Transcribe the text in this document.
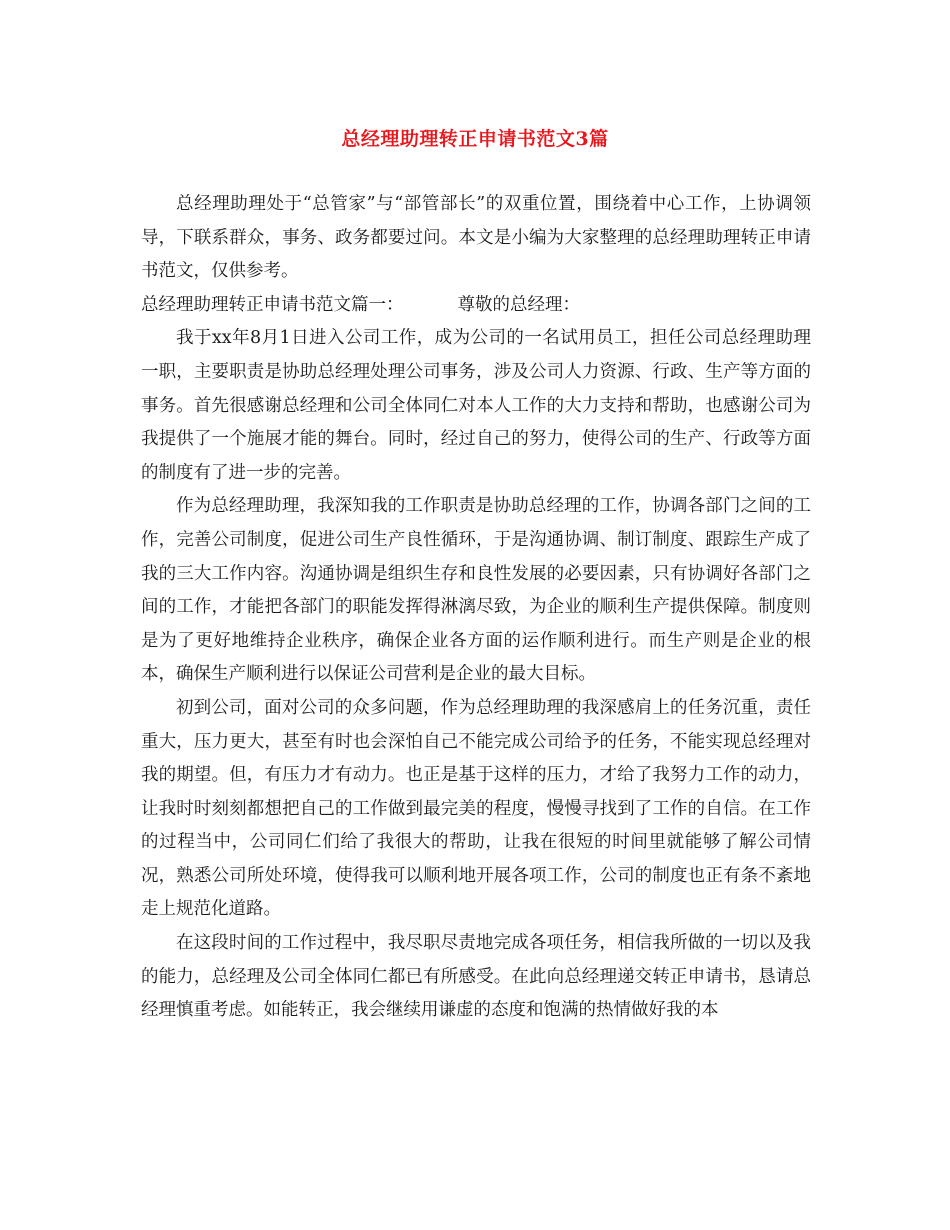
总经理助理转正申请书范文3篇

总经理助理处于“总管家”与“部管部长”的双重位置，围绕着中心工作，上协调领导，下联系群众，事务、政务都要过问。本文是小编为大家整理的总经理助理转正申请书范文，仅供参考。

总经理助理转正申请书范文篇一：	尊敬的总经理：

我于xx年8月1日进入公司工作，成为公司的一名试用员工，担任公司总经理助理一职，主要职责是协助总经理处理公司事务，涉及公司人力资源、行政、生产等方面的事务。首先很感谢总经理和公司全体同仁对本人工作的大力支持和帮助，也感谢公司为我提供了一个施展才能的舞台。同时，经过自己的努力，使得公司的生产、行政等方面的制度有了进一步的完善。

作为总经理助理，我深知我的工作职责是协助总经理的工作，协调各部门之间的工作，完善公司制度，促进公司生产良性循环，于是沟通协调、制订制度、跟踪生产成了我的三大工作内容。沟通协调是组织生存和良性发展的必要因素，只有协调好各部门之间的工作，才能把各部门的职能发挥得淋漓尽致，为企业的顺利生产提供保障。制度则是为了更好地维持企业秩序，确保企业各方面的运作顺利进行。而生产则是企业的根本，确保生产顺利进行以保证公司营利是企业的最大目标。

初到公司，面对公司的众多问题，作为总经理助理的我深感肩上的任务沉重，责任重大，压力更大，甚至有时也会深怕自己不能完成公司给予的任务，不能实现总经理对我的期望。但，有压力才有动力。也正是基于这样的压力，才给了我努力工作的动力，让我时时刻刻都想把自己的工作做到最完美的程度，慢慢寻找到了工作的自信。在工作的过程当中，公司同仁们给了我很大的帮助，让我在很短的时间里就能够了解公司情况，熟悉公司所处环境，使得我可以顺利地开展各项工作，公司的制度也正有条不紊地走上规范化道路。

在这段时间的工作过程中，我尽职尽责地完成各项任务，相信我所做的一切以及我的能力，总经理及公司全体同仁都已有所感受。在此向总经理递交转正申请书，恳请总经理慎重考虑。如能转正，我会继续用谦虚的态度和饱满的热情做好我的本
